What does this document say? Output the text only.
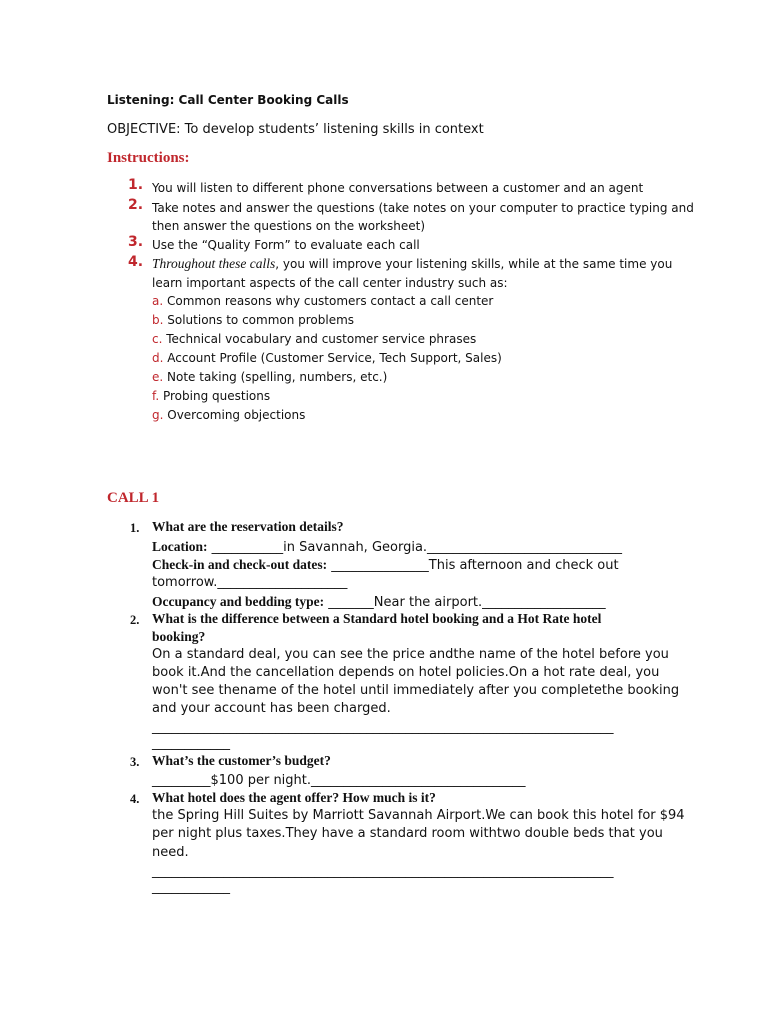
Listening: Call Center Booking Calls
OBJECTIVE: To develop students’ listening skills in context
Instructions:
1. You will listen to different phone conversations between a customer and an agent
2. Take notes and answer the questions (take notes on your computer to practice typing and
then answer the questions on the worksheet)
3. Use the “Quality Form” to evaluate each call
4. Throughout these calls, you will improve your listening skills, while at the same time you
learn important aspects of the call center industry such as:
a. Common reasons why customers contact a call center
b. Solutions to common problems
c. Technical vocabulary and customer service phrases
d. Account Profile (Customer Service, Tech Support, Sales)
e. Note taking (spelling, numbers, etc.)
f. Probing questions
g. Overcoming objections
CALL 1
1. What are the reservation details?
Location: ___________in Savannah, Georgia.______________________________
Check-in and check-out dates: _______________This afternoon and check out
tomorrow.____________________
Occupancy and bedding type: _______Near the airport.___________________
2. What is the difference between a Standard hotel booking and a Hot Rate hotel
booking?
On a standard deal, you can see the price andthe name of the hotel before you
book it.And the cancellation depends on hotel policies.On a hot rate deal, you
won't see thename of the hotel until immediately after you completethe booking
and your account has been charged.
_______________________________________________________________________
____________
3. What’s the customer’s budget?
_________$100 per night._________________________________
4. What hotel does the agent offer? How much is it?
the Spring Hill Suites by Marriott Savannah Airport.We can book this hotel for $94
per night plus taxes.They have a standard room withtwo double beds that you
need.
_______________________________________________________________________
____________
